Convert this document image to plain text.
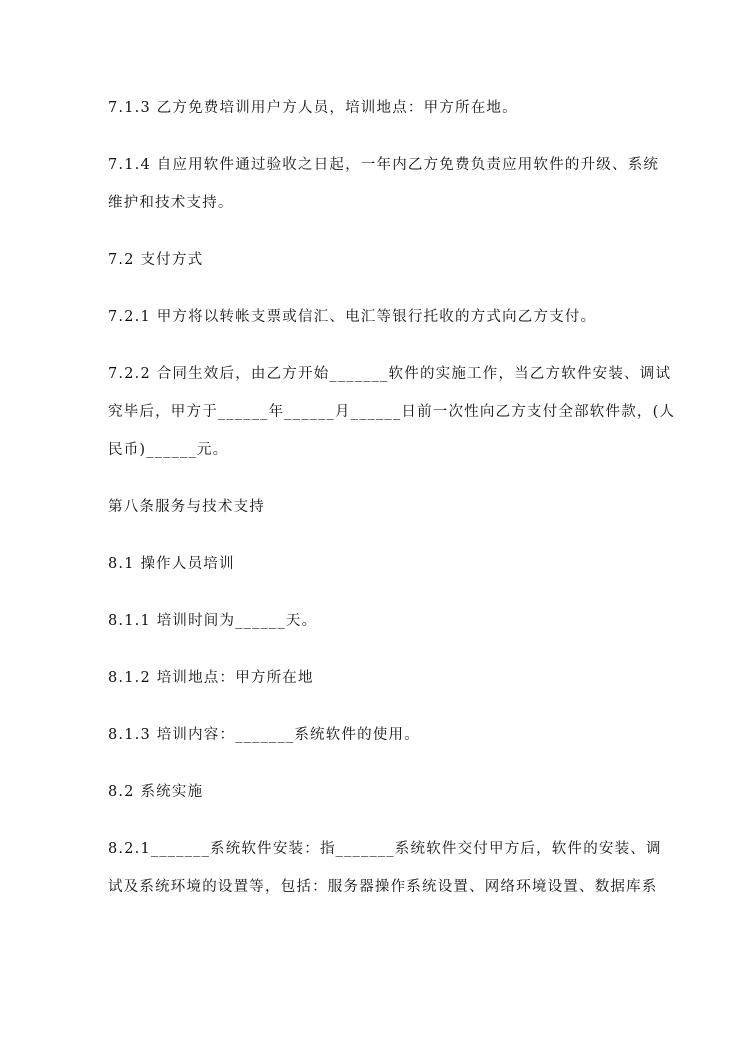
7.1.3 乙方免费培训用户方人员，培训地点：甲方所在地。
7.1.4 自应用软件通过验收之日起，一年内乙方免费负责应用软件的升级、系统
维护和技术支持。
7.2 支付方式
7.2.1 甲方将以转帐支票或信汇、电汇等银行托收的方式向乙方支付。
7.2.2 合同生效后，由乙方开始_______软件的实施工作，当乙方软件安装、调试
究毕后，甲方于______年______月______日前一次性向乙方支付全部软件款，(人
民币)______元。
第八条服务与技术支持
8.1 操作人员培训
8.1.1 培训时间为______天。
8.1.2 培训地点：甲方所在地
8.1.3 培训内容：_______系统软件的使用。
8.2 系统实施
8.2.1_______系统软件安装：指_______系统软件交付甲方后，软件的安装、调
试及系统环境的设置等，包括：服务器操作系统设置、网络环境设置、数据库系
